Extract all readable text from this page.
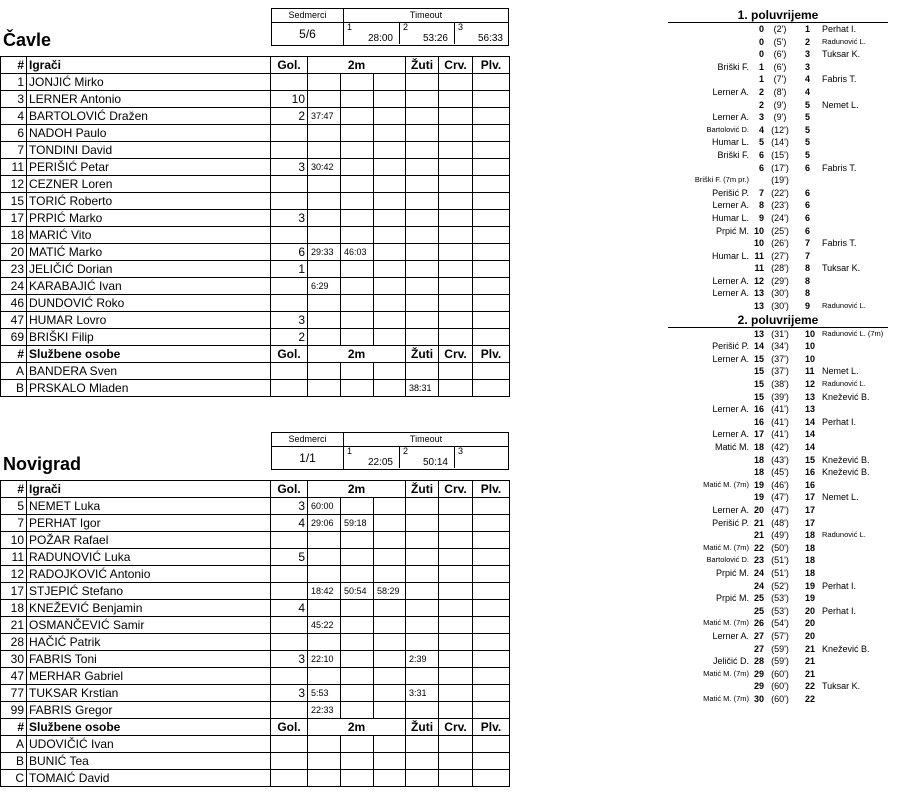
Čavle
Sedmerci
5/6
Timeout
1
28:00
2
53:26
3
56:33
#	Igrači	Gol.	2m			Žuti	Crv.	Plv.
1	JONJIĆ Mirko							
3	LERNER Antonio	10						
4	BARTOLOVIĆ Dražen	2	37:47					
6	NADOH Paulo							
7	TONDINI David							
11	PERIŠIĆ Petar	3	30:42					
12	CEZNER Loren							
15	TORIĆ Roberto							
17	PRPIĆ Marko	3						
18	MARIĆ Vito							
20	MATIĆ Marko	6	29:33	46:03				
23	JELIČIĆ Dorian	1						
24	KARABAJIĆ Ivan		6:29					
46	DUNDOVIĆ Roko							
47	HUMAR Lovro	3						
69	BRIŠKI Filip	2						
#	Službene osobe	Gol.	2m			Žuti	Crv.	Plv.
A	BANDERA Sven							
B	PRSKALO Mladen					38:31		
Novigrad
Sedmerci
1/1
Timeout
1
22:05
2
50:14
3
#	Igrači	Gol.	2m			Žuti	Crv.	Plv.
5	NEMET Luka	3	60:00					
7	PERHAT Igor	4	29:06	59:18				
10	POŽAR Rafael							
11	RADUNOVIĆ Luka	5						
12	RADOJKOVIĆ Antonio							
17	STJEPIĆ Stefano		18:42	50:54	58:29			
18	KNEŽEVIĆ Benjamin	4						
21	OSMANČEVIĆ Samir		45:22					
28	HAČIĆ Patrik							
30	FABRIS Toni	3	22:10			2:39		
47	MERHAR Gabriel							
77	TUKSAR Krstian	3	5:53			3:31		
99	FABRIS Gregor		22:33					
#	Službene osobe	Gol.	2m			Žuti	Crv.	Plv.
A	UDOVIČIĆ Ivan							
B	BUNIĆ Tea							
C	TOMAIĆ David							
1. poluvrijeme
0	(2')	1	Perhat I.
0	(5')	2	Radunović L.
0	(6')	3	Tuksar K.
Briški F.	1	(6')	3
1	(7')	4	Fabris T.
Lerner A.	2	(8')	4
2	(9')	5	Nemet L.
Lerner A.	3	(9')	5
Bartolović D.	4 (12')	5
Humar L.	5 (14')	5
Briški F.	6 (15')	5
6 (17')	6	Fabris T.
Briški F. (7m pr.)	(19')
Perišić P.	7 (22')	6
Lerner A.	8 (23')	6
Humar L.	9 (24')	6
Prpić M. 10 (25')	6
10 (26')	7	Fabris T.
Humar L. 11 (27')	7
11 (28')	8	Tuksar K.
Lerner A. 12 (29')	8
Lerner A. 13 (30')	8
13 (30')	9	Radunović L.
2. poluvrijeme
13 (31')	10 Radunović L. (7m)
Perišić P. 14 (34')	10
Lerner A. 15 (37')	10
15 (37')	11 Nemet L.
15 (38')	12 Radunović L.
15 (39')	13 Knežević B.
Lerner A. 16 (41')	13
16 (41')	14 Perhat I.
Lerner A. 17 (41')	14
Matić M. 18 (42')	14
18 (43')	15 Knežević B.
18 (45')	16 Knežević B.
Matić M. (7m) 19 (46')	16
19 (47')	17 Nemet L.
Lerner A. 20 (47')	17
Perišić P. 21 (48')	17
21 (49')	18 Radunović L.
Matić M. (7m) 22 (50')	18
Bartolović D. 23 (51')	18
Prpić M. 24 (51')	18
24 (52')	19 Perhat I.
Prpić M. 25 (53')	19
25 (53')	20 Perhat I.
Matić M. (7m) 26 (54')	20
Lerner A. 27 (57')	20
27 (59')	21 Knežević B.
Jeličić D. 28 (59')	21
Matić M. (7m) 29 (60')	21
29 (60')	22 Tuksar K.
Matić M. (7m) 30 (60')	22
